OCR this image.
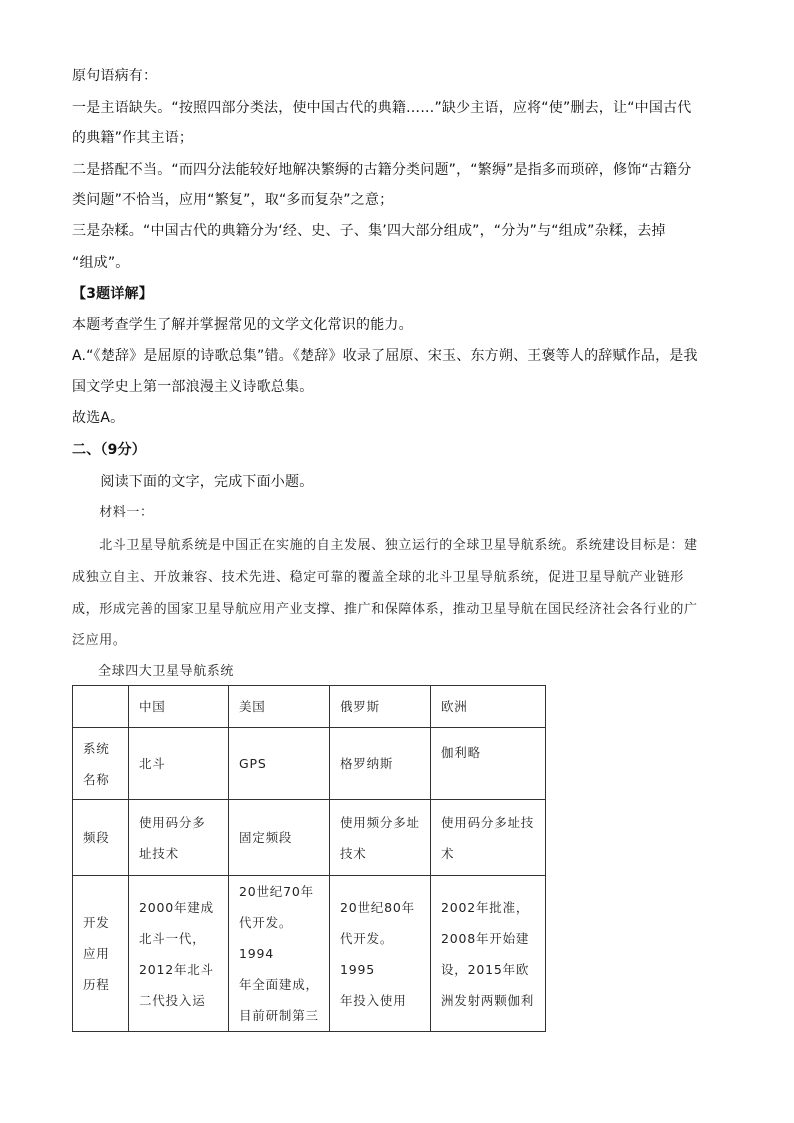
原句语病有：
一是主语缺失。“按照四部分类法，使中国古代的典籍……”缺少主语，应将“使”删去，让“中国古代
的典籍”作其主语；
二是搭配不当。“而四分法能较好地解决繁缛的古籍分类问题”，“繁缛”是指多而琐碎，修饰“古籍分
类问题”不恰当，应用“繁复”，取“多而复杂”之意；
三是杂糅。“中国古代的典籍分为‘经、史、子、集’四大部分组成”，“分为”与“组成”杂糅，去掉
“组成”。
【3题详解】
本题考查学生了解并掌握常见的文学文化常识的能力。
A.“《楚辞》是屈原的诗歌总集”错。《楚辞》收录了屈原、宋玉、东方朔、王褒等人的辞赋作品，是我
国文学史上第一部浪漫主义诗歌总集。
故选A。
二、（9分）
　　阅读下面的文字，完成下面小题。
　　材料一：
　　北斗卫星导航系统是中国正在实施的自主发展、独立运行的全球卫星导航系统。系统建设目标是：建
成独立自主、开放兼容、技术先进、稳定可靠的覆盖全球的北斗卫星导航系统，促进卫星导航产业链形
成，形成完善的国家卫星导航应用产业支撑、推广和保障体系，推动卫星导航在国民经济社会各行业的广
泛应用。
全球四大卫星导航系统
	中国	美国	俄罗斯	欧洲

系统
名称	北斗	GPS	格罗纳斯	伽利略

频段	使用码分多
址技术	固定频段	使用频分多址
技术	使用码分多址技
术

开发
应用
历程	2000年建成
北斗一代，
2012年北斗
二代投入运	20世纪70年
代开发。1994
年全面建成，
目前研制第三	20世纪80年
代开发。1995
年投入使用	2002年批准，
2008年开始建
设，2015年欧
洲发射两颗伽利
